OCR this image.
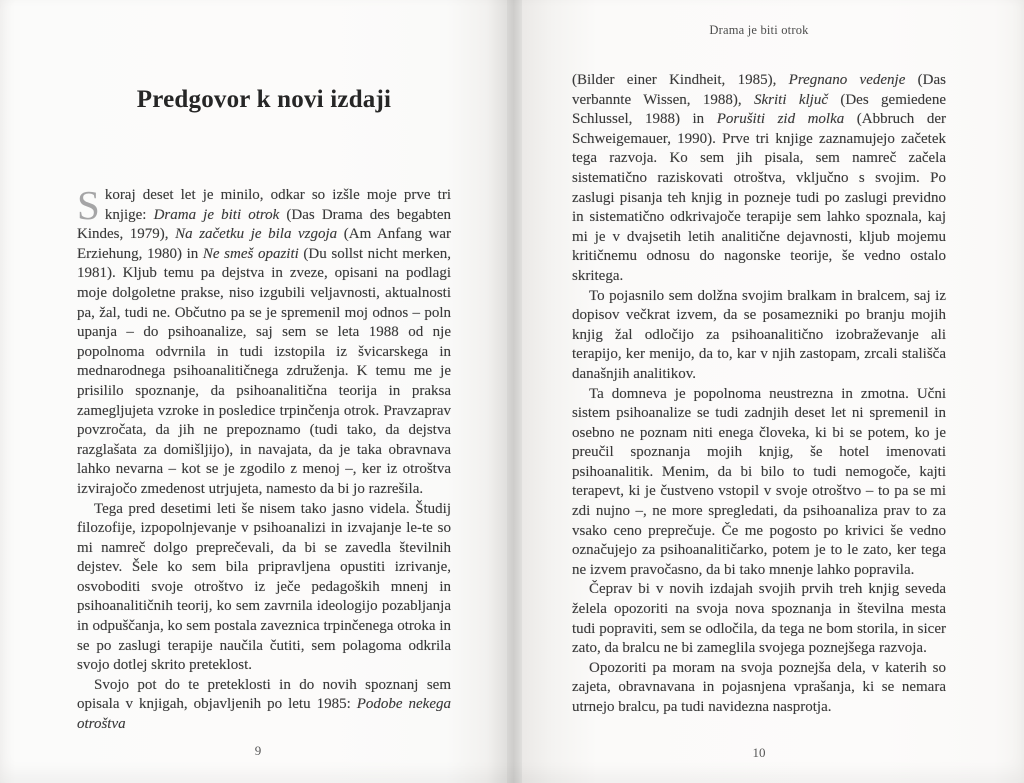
Predgovor k novi izdaji

Skoraj deset let je minilo, odkar so izšle moje prve tri knjige: Drama je biti otrok (Das Drama des begabten Kindes, 1979), Na začetku je bila vzgoja (Am Anfang war Erziehung, 1980) in Ne smeš opaziti (Du sollst nicht merken, 1981). Kljub temu pa dejstva in zveze, opisani na podlagi moje dolgoletne prakse, niso izgubili veljavnosti, aktualnosti pa, žal, tudi ne. Občutno pa se je spremenil moj odnos – poln upanja – do psihoanalize, saj sem se leta 1988 od nje popolnoma odvrnila in tudi izstopila iz švicarskega in mednarodnega psihoanalitičnega združenja. K temu me je prisililo spoznanje, da psihoanalitična teorija in praksa zamegljujeta vzroke in posledice trpinčenja otrok. Pravzaprav povzročata, da jih ne prepoznamo (tudi tako, da dejstva razglašata za domišljijo), in navajata, da je taka obravnava lahko nevarna – kot se je zgodilo z menoj –, ker iz otroštva izvirajočo zmedenost utrjujeta, namesto da bi jo razrešila.

Tega pred desetimi leti še nisem tako jasno videla. Študij filozofije, izpopolnjevanje v psihoanalizi in izvajanje le-te so mi namreč dolgo preprečevali, da bi se zavedla številnih dejstev. Šele ko sem bila pripravljena opustiti izrivanje, osvoboditi svoje otroštvo iz ječe pedagoških mnenj in psihoanalitičnih teorij, ko sem zavrnila ideologijo pozabljanja in odpuščanja, ko sem postala zaveznica trpinčenega otroka in se po zaslugi terapije naučila čutiti, sem polagoma odkrila svojo dotlej skrito preteklost.

Svojo pot do te preteklosti in do novih spoznanj sem opisala v knjigah, objavljenih po letu 1985: Podobe nekega otroštva

9
Drama je biti otrok

(Bilder einer Kindheit, 1985), Pregnano vedenje (Das verbannte Wissen, 1988), Skriti ključ (Des gemiedene Schlussel, 1988) in Porušiti zid molka (Abbruch der Schweigemauer, 1990). Prve tri knjige zaznamujejo začetek tega razvoja. Ko sem jih pisala, sem namreč začela sistematično raziskovati otroštva, vključno s svojim. Po zaslugi pisanja teh knjig in pozneje tudi po zaslugi previdno in sistematično odkrivajoče terapije sem lahko spoznala, kaj mi je v dvajsetih letih analitične dejavnosti, kljub mojemu kritičnemu odnosu do nagonske teorije, še vedno ostalo skritega.

To pojasnilo sem dolžna svojim bralkam in bralcem, saj iz dopisov večkrat izvem, da se posamezniki po branju mojih knjig žal odločijo za psihoanalitično izobraževanje ali terapijo, ker menijo, da to, kar v njih zastopam, zrcali stališča današnjih analitikov.

Ta domneva je popolnoma neustrezna in zmotna. Učni sistem psihoanalize se tudi zadnjih deset let ni spremenil in osebno ne poznam niti enega človeka, ki bi se potem, ko je preučil spoznanja mojih knjig, še hotel imenovati psihoanalitik. Menim, da bi bilo to tudi nemogoče, kajti terapevt, ki je čustveno vstopil v svoje otroštvo – to pa se mi zdi nujno –, ne more spregledati, da psihoanaliza prav to za vsako ceno preprečuje. Če me pogosto po krivici še vedno označujejo za psihoanalitičarko, potem je to le zato, ker tega ne izvem pravočasno, da bi tako mnenje lahko popravila.

Čeprav bi v novih izdajah svojih prvih treh knjig seveda želela opozoriti na svoja nova spoznanja in številna mesta tudi popraviti, sem se odločila, da tega ne bom storila, in sicer zato, da bralcu ne bi zameglila svojega poznejšega razvoja.

Opozoriti pa moram na svoja poznejša dela, v katerih so zajeta, obravnavana in pojasnjena vprašanja, ki se nemara utrnejo bralcu, pa tudi navidezna nasprotja.

10
